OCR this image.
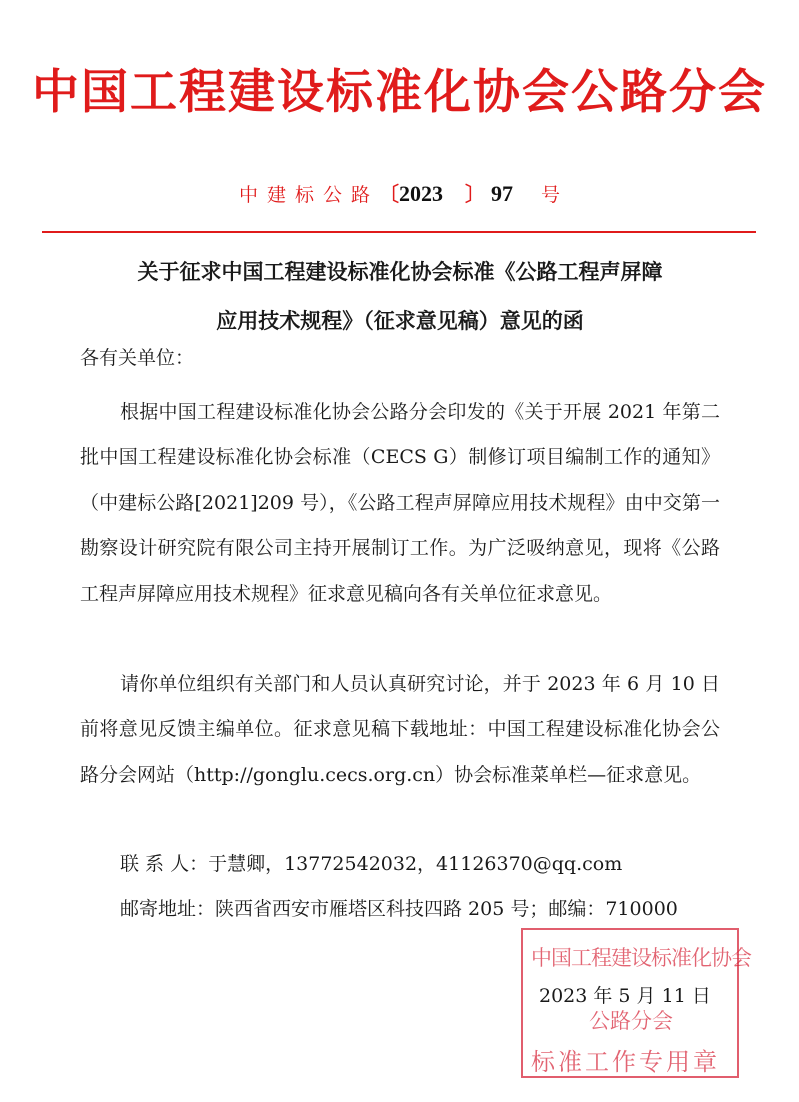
中国工程建设标准化协会公路分会
中建标公路〔2023 〕 97 号
关于征求中国工程建设标准化协会标准《公路工程声屏障
应用技术规程》（征求意见稿）意见的函
各有关单位：
根据中国工程建设标准化协会公路分会印发的《关于开展 2021 年第二批中国工程建设标准化协会标准（CECS G）制修订项目编制工作的通知》（中建标公路[2021]209 号），《公路工程声屏障应用技术规程》由中交第一勘察设计研究院有限公司主持开展制订工作。为广泛吸纳意见，现将《公路工程声屏障应用技术规程》征求意见稿向各有关单位征求意见。
请你单位组织有关部门和人员认真研究讨论，并于 2023 年 6 月 10 日前将意见反馈主编单位。征求意见稿下载地址：中国工程建设标准化协会公路分会网站（http://gonglu.cecs.org.cn）协会标准菜单栏—征求意见。
联 系 人：于慧卿，13772542032，41126370@qq.com
邮寄地址：陕西省西安市雁塔区科技四路 205 号；邮编：710000
2023 年 5 月 11 日
中国工程建设标准化协会
公路分会
标准工作专用章
